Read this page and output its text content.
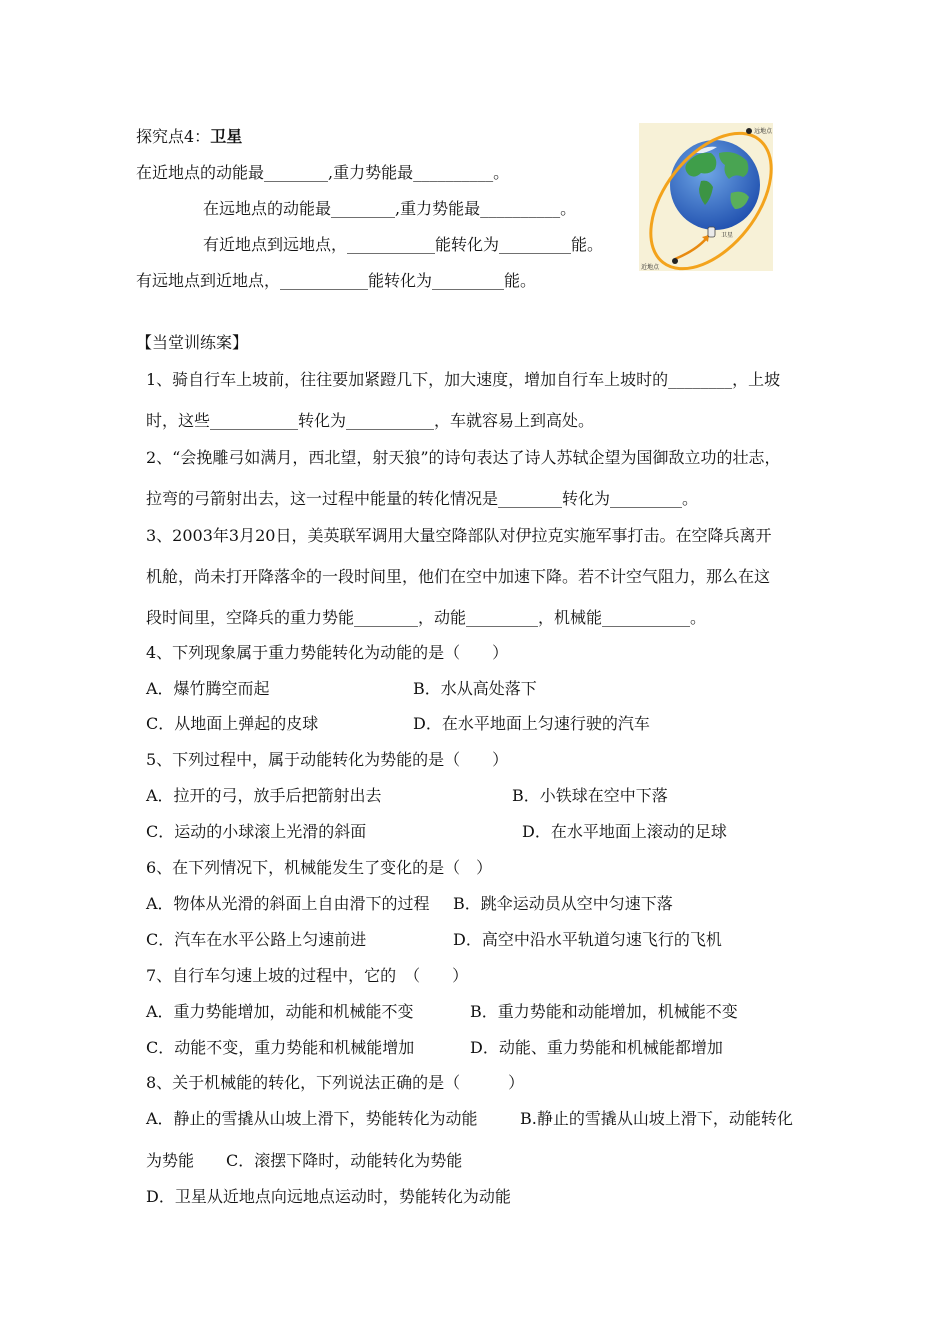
探究点4：卫星
在近地点的动能最________,重力势能最__________。
在远地点的动能最________,重力势能最__________。
有近地点到远地点，___________能转化为_________能。
有远地点到近地点，___________能转化为_________能。
远地点
近地点
卫星
【当堂训练案】
1、骑自行车上坡前，往往要加紧蹬几下，加大速度，增加自行车上坡时的________，上坡
时，这些___________转化为___________，车就容易上到高处。
2、“会挽雕弓如满月，西北望，射天狼”的诗句表达了诗人苏轼企望为国御敌立功的壮志，
拉弯的弓箭射出去，这一过程中能量的转化情况是________转化为_________。
3、2003年3月20日，美英联军调用大量空降部队对伊拉克实施军事打击。在空降兵离开
机舱，尚未打开降落伞的一段时间里，他们在空中加速下降。若不计空气阻力，那么在这
段时间里，空降兵的重力势能________，动能_________，机械能___________。
4、下列现象属于重力势能转化为动能的是（　　）
A．爆竹腾空而起	B．水从高处落下
C．从地面上弹起的皮球	D．在水平地面上匀速行驶的汽车
5、下列过程中，属于动能转化为势能的是（　　）
A．拉开的弓，放手后把箭射出去	B．小铁球在空中下落
C．运动的小球滚上光滑的斜面	D．在水平地面上滚动的足球
6、在下列情况下，机械能发生了变化的是（　）
A．物体从光滑的斜面上自由滑下的过程 B．跳伞运动员从空中匀速下落
C．汽车在水平公路上匀速前进	D．高空中沿水平轨道匀速飞行的飞机
7、自行车匀速上坡的过程中，它的　（　　）
A．重力势能增加，动能和机械能不变	B．重力势能和动能增加，机械能不变
C．动能不变，重力势能和机械能增加	D．动能、重力势能和机械能都增加
8、关于机械能的转化，下列说法正确的是（　　　）
A．静止的雪撬从山坡上滑下，势能转化为动能	B.静止的雪撬从山坡上滑下，动能转化
为势能　　C．滚摆下降时，动能转化为势能
D．卫星从近地点向远地点运动时，势能转化为动能
